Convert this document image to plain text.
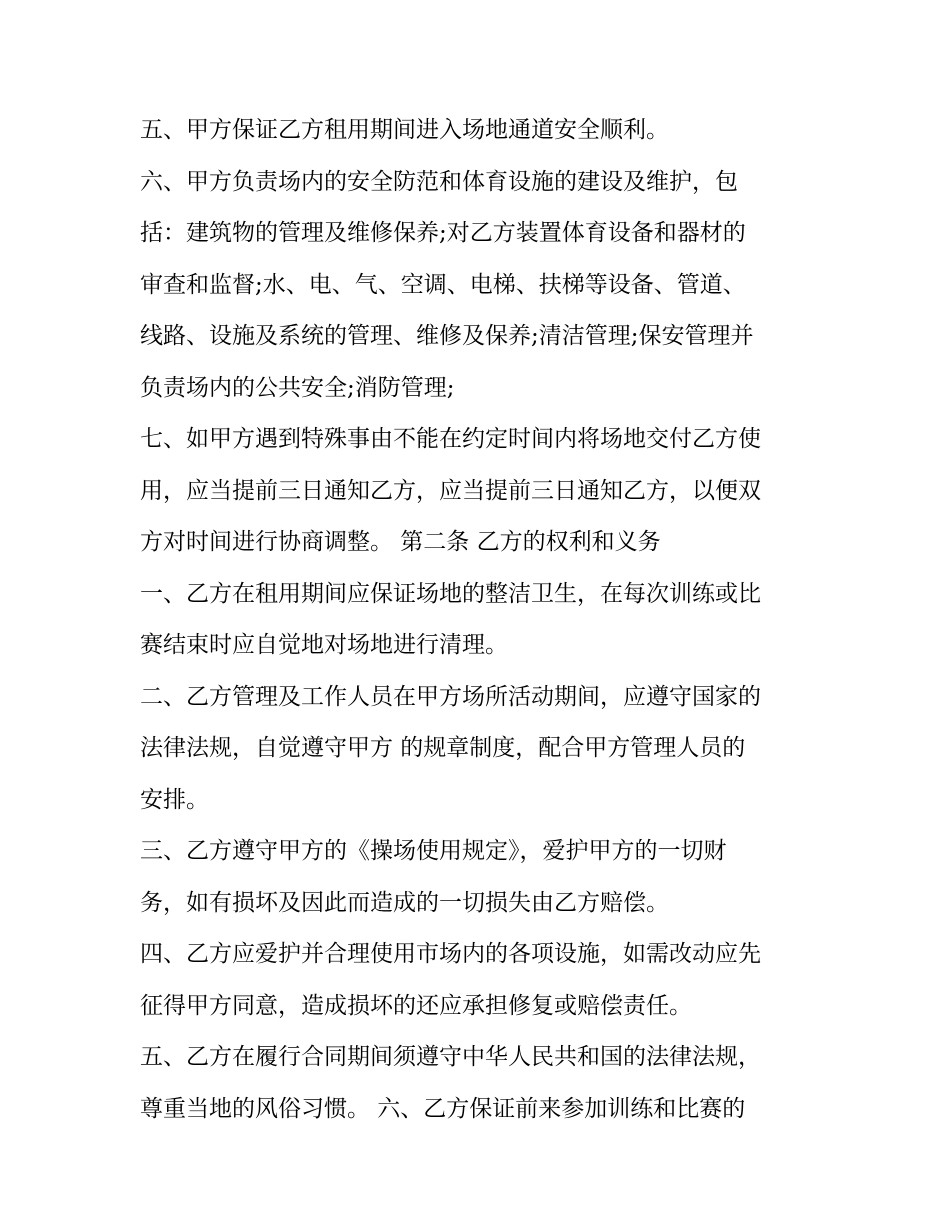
五、甲方保证乙方租用期间进入场地通道安全顺利。
六、甲方负责场内的安全防范和体育设施的建设及维护，包
括：建筑物的管理及维修保养;对乙方装置体育设备和器材的
审查和监督;水、电、气、空调、电梯、扶梯等设备、管道、
线路、设施及系统的管理、维修及保养;清洁管理;保安管理并
负责场内的公共安全;消防管理;
七、如甲方遇到特殊事由不能在约定时间内将场地交付乙方使
用，应当提前三日通知乙方，应当提前三日通知乙方，以便双
方对时间进行协商调整。 第二条 乙方的权利和义务
一、乙方在租用期间应保证场地的整洁卫生，在每次训练或比
赛结束时应自觉地对场地进行清理。
二、乙方管理及工作人员在甲方场所活动期间，应遵守国家的
法律法规，自觉遵守甲方 的规章制度，配合甲方管理人员的
安排。
三、乙方遵守甲方的《操场使用规定》，爱护甲方的一切财
务，如有损坏及因此而造成的一切损失由乙方赔偿。
四、乙方应爱护并合理使用市场内的各项设施，如需改动应先
征得甲方同意，造成损坏的还应承担修复或赔偿责任。
五、乙方在履行合同期间须遵守中华人民共和国的法律法规，
尊重当地的风俗习惯。 六、乙方保证前来参加训练和比赛的
